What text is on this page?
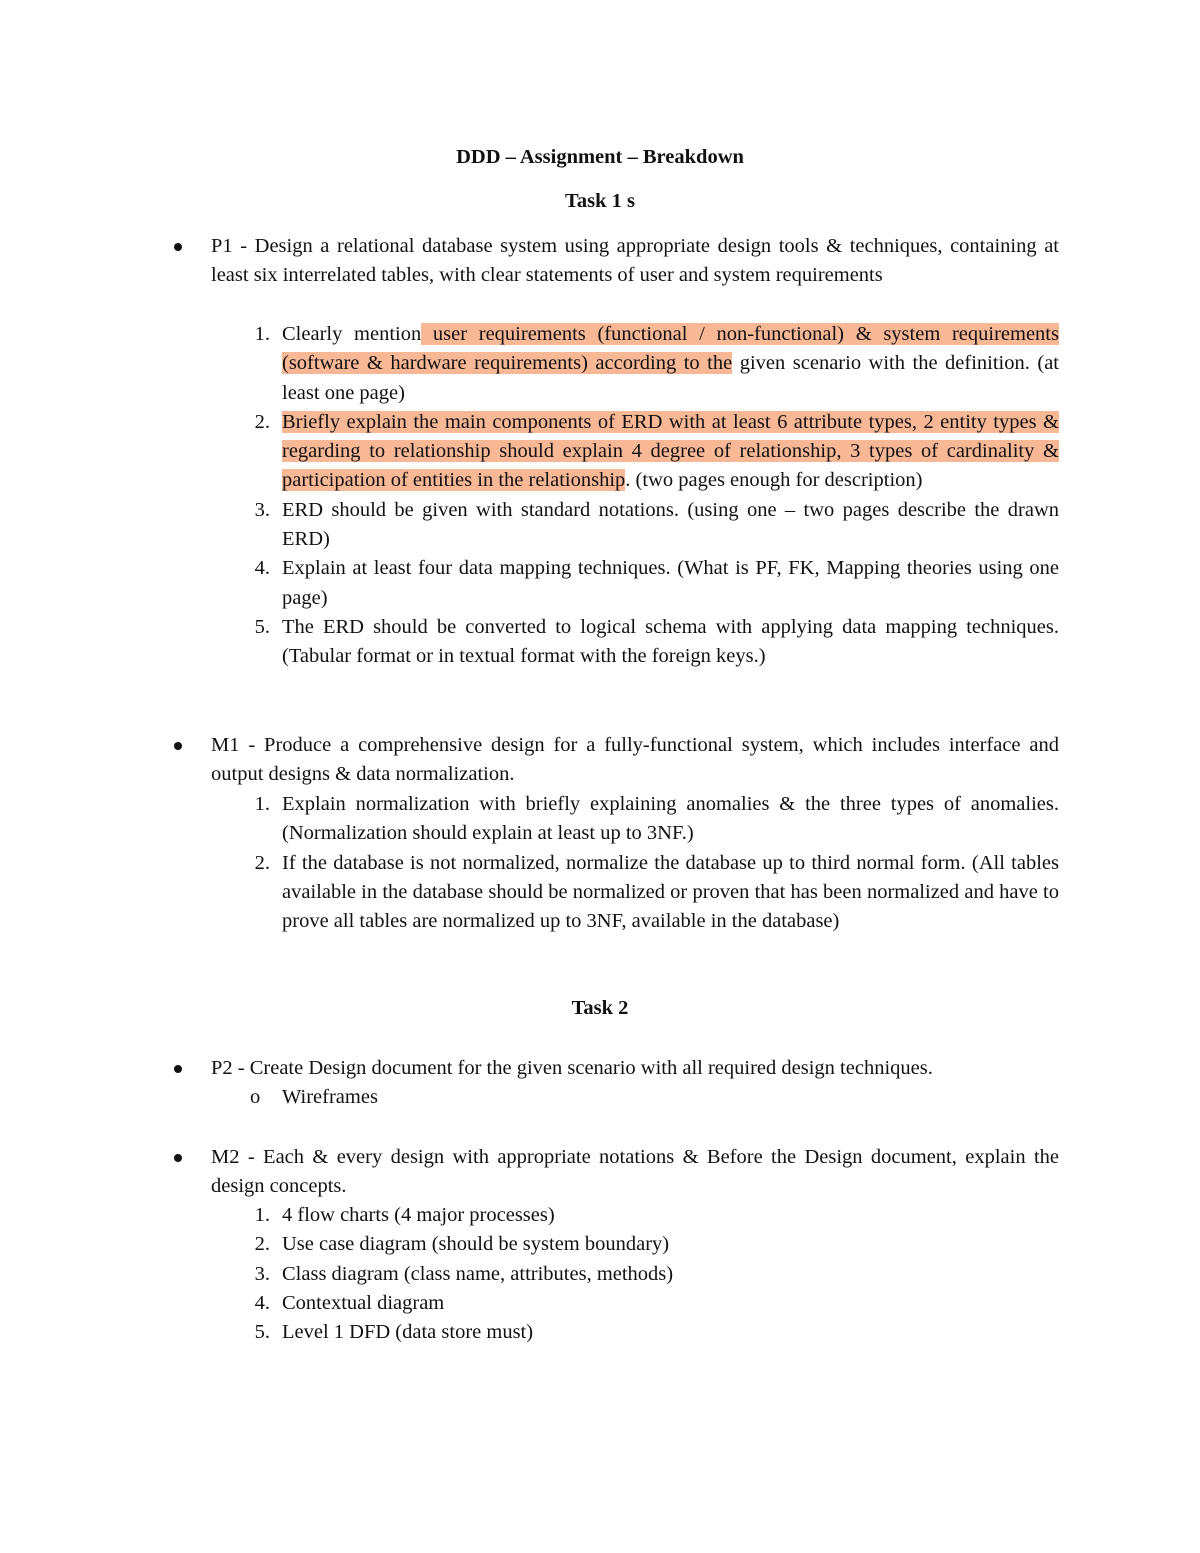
DDD – Assignment – Breakdown
Task 1 s
P1 - Design a relational database system using appropriate design tools & techniques, containing at least six interrelated tables, with clear statements of user and system requirements
1. Clearly mention user requirements (functional / non-functional) & system requirements (software & hardware requirements) according to the given scenario with the definition. (at least one page)
2. Briefly explain the main components of ERD with at least 6 attribute types, 2 entity types & regarding to relationship should explain 4 degree of relationship, 3 types of cardinality & participation of entities in the relationship. (two pages enough for description)
3. ERD should be given with standard notations. (using one – two pages describe the drawn ERD)
4. Explain at least four data mapping techniques. (What is PF, FK, Mapping theories using one page)
5. The ERD should be converted to logical schema with applying data mapping techniques. (Tabular format or in textual format with the foreign keys.)
M1 - Produce a comprehensive design for a fully-functional system, which includes interface and output designs & data normalization.
1. Explain normalization with briefly explaining anomalies & the three types of anomalies. (Normalization should explain at least up to 3NF.)
2. If the database is not normalized, normalize the database up to third normal form. (All tables available in the database should be normalized or proven that has been normalized and have to prove all tables are normalized up to 3NF, available in the database)
Task 2
P2 - Create Design document for the given scenario with all required design techniques.
o Wireframes
M2 - Each & every design with appropriate notations & Before the Design document, explain the design concepts.
1. 4 flow charts (4 major processes)
2. Use case diagram (should be system boundary)
3. Class diagram (class name, attributes, methods)
4. Contextual diagram
5. Level 1 DFD (data store must)
